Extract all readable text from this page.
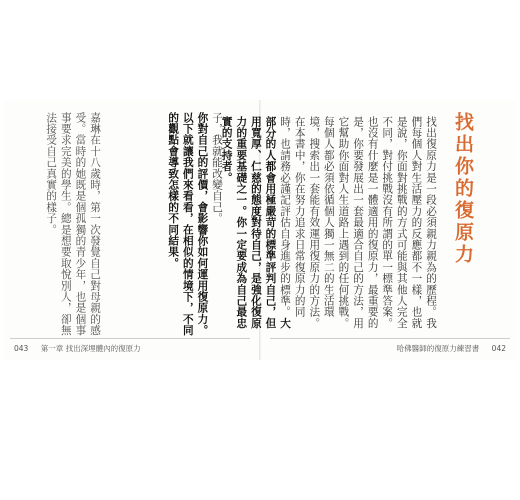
找出你的復原力
找出復原力是一段必須親力親為的歷程。我們每個人對生活壓力的反應都不一樣，也就是說，你面對挑戰的方式可能與其他人完全不同，對付挑戰沒有所謂的單一標準答案。也沒有什麼是一體適用的復原力，最重要的是，你要發展出一套最適合自己的方法，用它幫助你面對人生道路上遇到的任何挑戰。
每個人都必須依循個人獨一無二的生活環境，搜索出一套能有效運用復原力的方法。在本書中，你在努力追求日常復原力的同時，也請務必謹記評估自身進步的標準。大部分的人都會用極嚴苛的標準評判自己，但用寬厚、仁慈的態度對待自己，是強化復原力的重要基礎之一。你一定要成為自己最忠實的支持者。
子，我就能改變自己。
你對自己的評價，會影響你如何運用復原力。以下就讓我們來看看，在相似的情境下，不同的觀點會導致怎樣的不同結果。
嘉琳在十八歲時，第一次發覺自己對母親的感受。當時的她既是個孤獨的青少年，也是個事事要求完美的學生。總是想要取悅別人，卻無法接受自己真實的樣子。
043 第一章 找出深埋體內的復原力	哈佛醫師的復原力練習書 042
